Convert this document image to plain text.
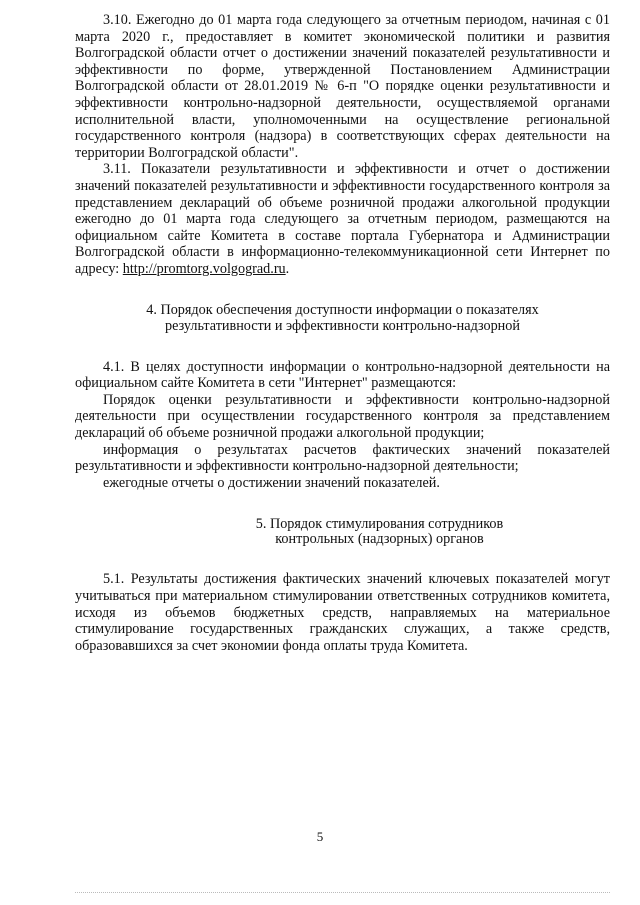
3.10. Ежегодно до 01 марта года следующего за отчетным периодом, начиная с 01 марта 2020 г., предоставляет в комитет экономической политики и развития Волгоградской области отчет о достижении значений показателей результативности и эффективности по форме, утвержденной Постановлением Администрации Волгоградской области от 28.01.2019 № 6-п "О порядке оценки результативности и эффективности контрольно-надзорной деятельности, осуществляемой органами исполнительной власти, уполномоченными на осуществление региональной государственного контроля (надзора) в соответствующих сферах деятельности на территории Волгоградской области".

3.11. Показатели результативности и эффективности и отчет о достижении значений показателей результативности и эффективности государственного контроля за представлением деклараций об объеме розничной продажи алкогольной продукции ежегодно до 01 марта года следующего за отчетным периодом, размещаются на официальном сайте Комитета в составе портала Губернатора и Администрации Волгоградской области в информационно-телекоммуникационной сети Интернет по адресу: http://promtorg.volgograd.ru.

4. Порядок обеспечения доступности информации о показателях
результативности и эффективности контрольно-надзорной

4.1. В целях доступности информации о контрольно-надзорной деятельности на официальном сайте Комитета в сети "Интернет" размещаются:

Порядок оценки результативности и эффективности контрольно-надзорной деятельности при осуществлении государственного контроля за представлением деклараций об объеме розничной продажи алкогольной продукции;

информация о результатах расчетов фактических значений показателей результативности и эффективности контрольно-надзорной деятельности;

ежегодные отчеты о достижении значений показателей.

5. Порядок стимулирования сотрудников
контрольных (надзорных) органов

5.1. Результаты достижения фактических значений ключевых показателей могут учитываться при материальном стимулировании ответственных сотрудников комитета, исходя из объемов бюджетных средств, направляемых на материальное стимулирование государственных гражданских служащих, а также средств, образовавшихся за счет экономии фонда оплаты труда Комитета.

5
